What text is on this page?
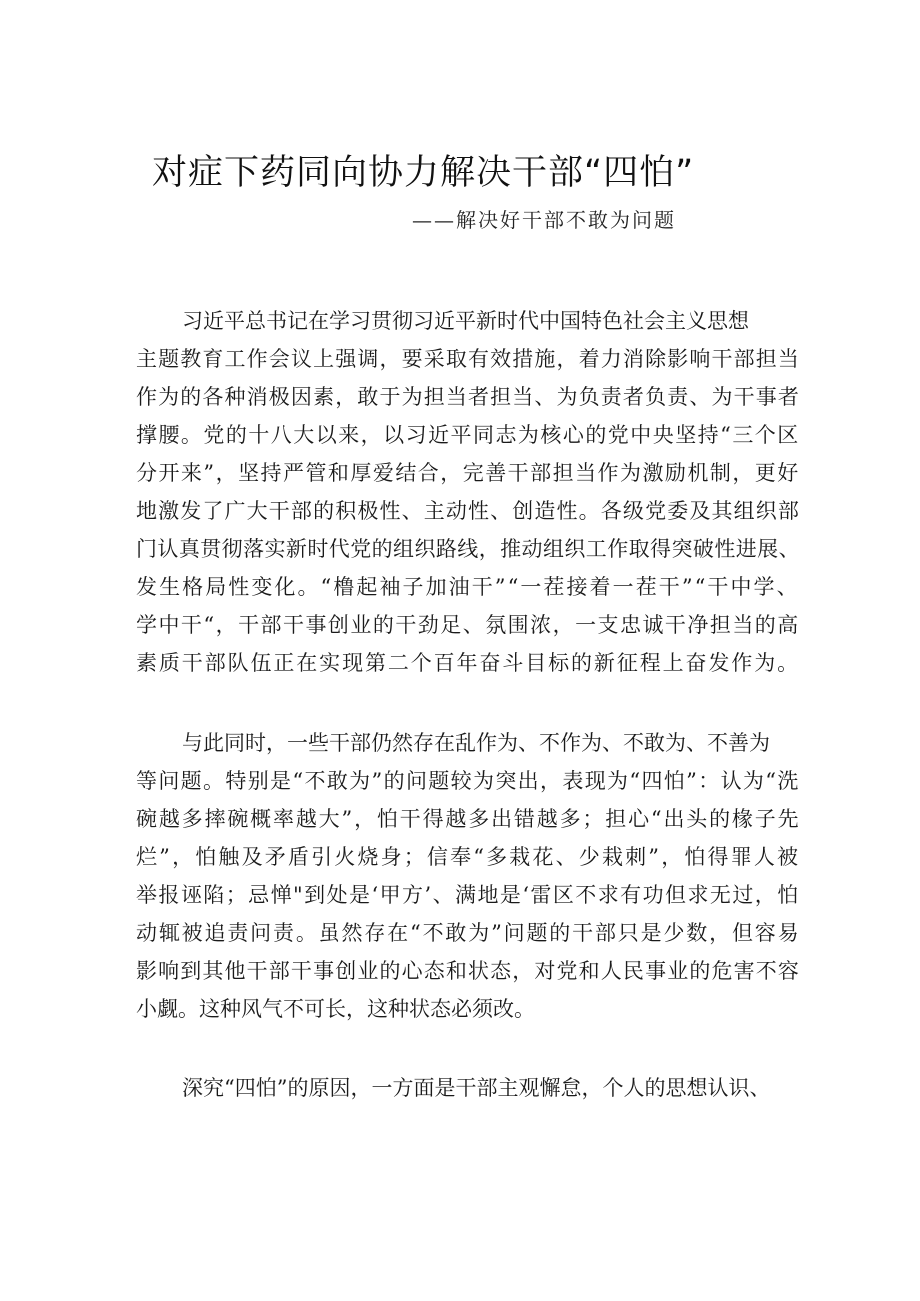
对症下药同向协力解决干部“四怕”

——解决好干部不敢为问题

习近平总书记在学习贯彻习近平新时代中国特色社会主义思想

主题教育工作会议上强调，要采取有效措施，着力消除影响干部担当

作为的各种消极因素，敢于为担当者担当、为负责者负责、为干事者

撑腰。党的十八大以来，以习近平同志为核心的党中央坚持“三个区

分开来”，坚持严管和厚爱结合，完善干部担当作为激励机制，更好

地激发了广大干部的积极性、主动性、创造性。各级党委及其组织部

门认真贯彻落实新时代党的组织路线，推动组织工作取得突破性进展、

发生格局性变化。“橹起袖子加油干”“一茬接着一茬干”“干中学、

学中干“，干部干事创业的干劲足、氛围浓，一支忠诚干净担当的高

素质干部队伍正在实现第二个百年奋斗目标的新征程上奋发作为。

与此同时，一些干部仍然存在乱作为、不作为、不敢为、不善为

等问题。特别是“不敢为”的问题较为突出，表现为“四怕”：认为“洗

碗越多摔碗概率越大”，怕干得越多出错越多；担心“出头的椽子先

烂”，怕触及矛盾引火烧身；信奉“多栽花、少栽刺”，怕得罪人被

举报诬陷；忌惮"到处是‘甲方’、满地是‘雷区不求有功但求无过，怕

动辄被追责问责。虽然存在“不敢为”问题的干部只是少数，但容易

影响到其他干部干事创业的心态和状态，对党和人民事业的危害不容

小觑。这种风气不可长，这种状态必须改。

深究“四怕”的原因，一方面是干部主观懈怠，个人的思想认识、
